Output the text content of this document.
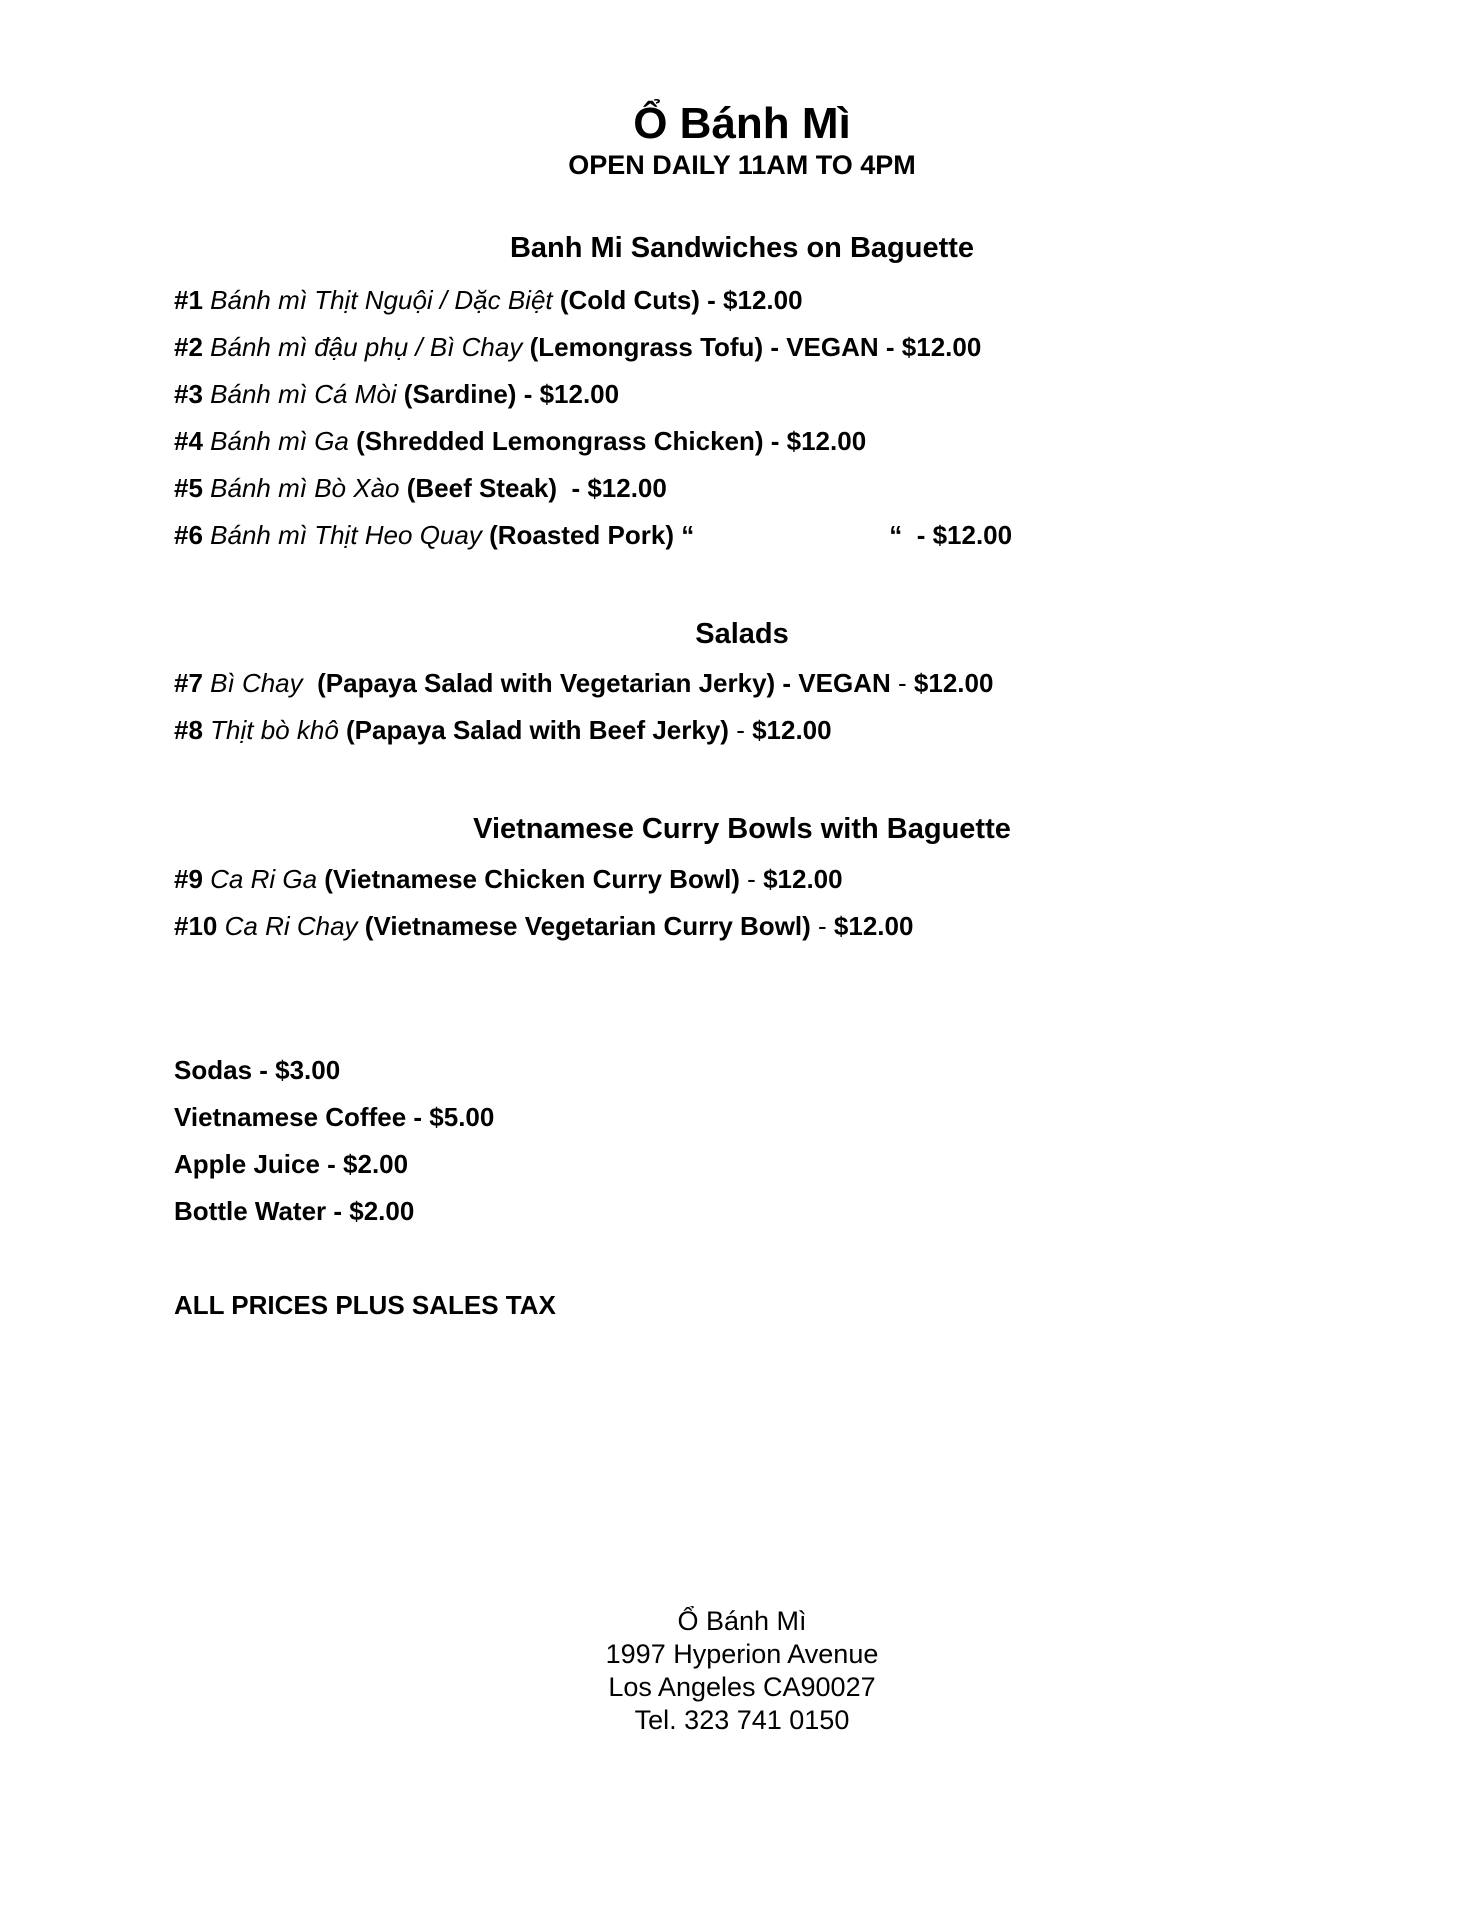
Ổ Bánh Mì
OPEN DAILY 11AM TO 4PM
Banh Mi Sandwiches on Baguette
#1 Bánh mì Thịt Nguội / Dặc Biệt (Cold Cuts) - $12.00
#2 Bánh mì đậu phụ / Bì Chay (Lemongrass Tofu) - VEGAN - $12.00
#3 Bánh mì Cá Mòi (Sardine) - $12.00
#4 Bánh mì Ga (Shredded Lemongrass Chicken) - $12.00
#5 Bánh mì Bò Xào (Beef Steak)  - $12.00
#6 Bánh mì Thịt Heo Quay (Roasted Pork) “                           “  - $12.00
Salads
#7 Bì Chay  (Papaya Salad with Vegetarian Jerky) - VEGAN - $12.00
#8 Thịt bò khô (Papaya Salad with Beef Jerky) - $12.00
Vietnamese Curry Bowls with Baguette
#9 Ca Ri Ga (Vietnamese Chicken Curry Bowl) - $12.00
#10 Ca Ri Chay (Vietnamese Vegetarian Curry Bowl) - $12.00
Sodas - $3.00
Vietnamese Coffee - $5.00
Apple Juice - $2.00
Bottle Water - $2.00
ALL PRICES PLUS SALES TAX
Ổ Bánh Mì
1997 Hyperion Avenue
Los Angeles CA90027
Tel. 323 741 0150
